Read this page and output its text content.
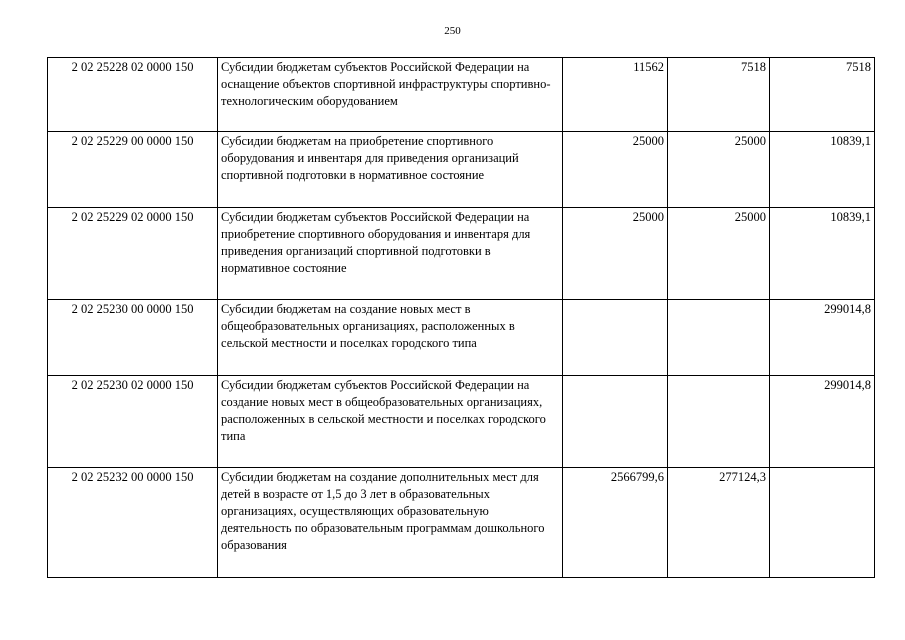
250
2 02 25228 02 0000 150	Субсидии бюджетам субъектов Российской Федерации на оснащение объектов спортивной инфраструктуры спортивно-технологическим оборудованием	11562	7518	7518
2 02 25229 00 0000 150	Субсидии бюджетам на приобретение спортивного оборудования и инвентаря для приведения организаций спортивной подготовки в нормативное состояние	25000	25000	10839,1
2 02 25229 02 0000 150	Субсидии бюджетам субъектов Российской Федерации на приобретение спортивного оборудования и инвентаря для приведения организаций спортивной подготовки в нормативное состояние	25000	25000	10839,1
2 02 25230 00 0000 150	Субсидии бюджетам на создание новых мест в общеобразовательных организациях, расположенных в сельской местности и поселках городского типа			299014,8
2 02 25230 02 0000 150	Субсидии бюджетам субъектов Российской Федерации на создание новых мест в общеобразовательных организациях, расположенных в сельской местности и поселках городского типа			299014,8
2 02 25232 00 0000 150	Субсидии бюджетам на создание дополнительных мест для детей в возрасте от 1,5 до 3 лет в образовательных организациях, осуществляющих образовательную деятельность по образовательным программам дошкольного образования	2566799,6	277124,3	
